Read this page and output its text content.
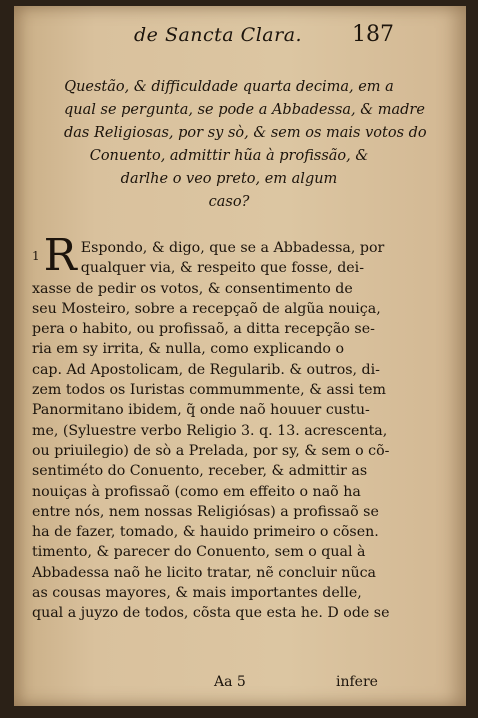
de Sancta Clara. 187
Questão, & difficuldade quarta decima, em a
qual se pergunta, se pode a Abbadessa, & madre
das Religiosas, por sy sò, & sem os mais votos do
Conuento, admittir hũa à profissão, &
darlhe o veo preto, em algum
caso?
1 R Espondo, & digo, que se a Abbadessa, por
qualquer via, & respeito que fosse, dei-
xasse de pedir os votos, & consentimento de
seu Mosteiro, sobre a recepçaõ de algũa nouiça,
pera o habito, ou profissaõ, a ditta recepção se-
ria em sy irrita, & nulla, como explicando o
cap. Ad Apostolicam, de Regularib. & outros, di-
zem todos os Iuristas commummente, & assi tem
Panormitano ibidem, q̃ onde naõ houuer custu-
me, (Syluestre verbo Religio 3. q. 13. acrescenta,
ou priuilegio) de sò a Prelada, por sy, & sem o cõ-
sentiméto do Conuento, receber, & admittir as
nouiças à profissaõ (como em effeito o naõ ha
entre nós, nem nossas Religiósas) a profissaõ se
ha de fazer, tomado, & hauido primeiro o cõsen.
timento, & parecer do Conuento, sem o qual à
Abbadessa naõ he licito tratar, nẽ concluir nũca
as cousas mayores, & mais importantes delle,
qual a juyzo de todos, cõsta que esta he. D ode se
Aa 5	infere
